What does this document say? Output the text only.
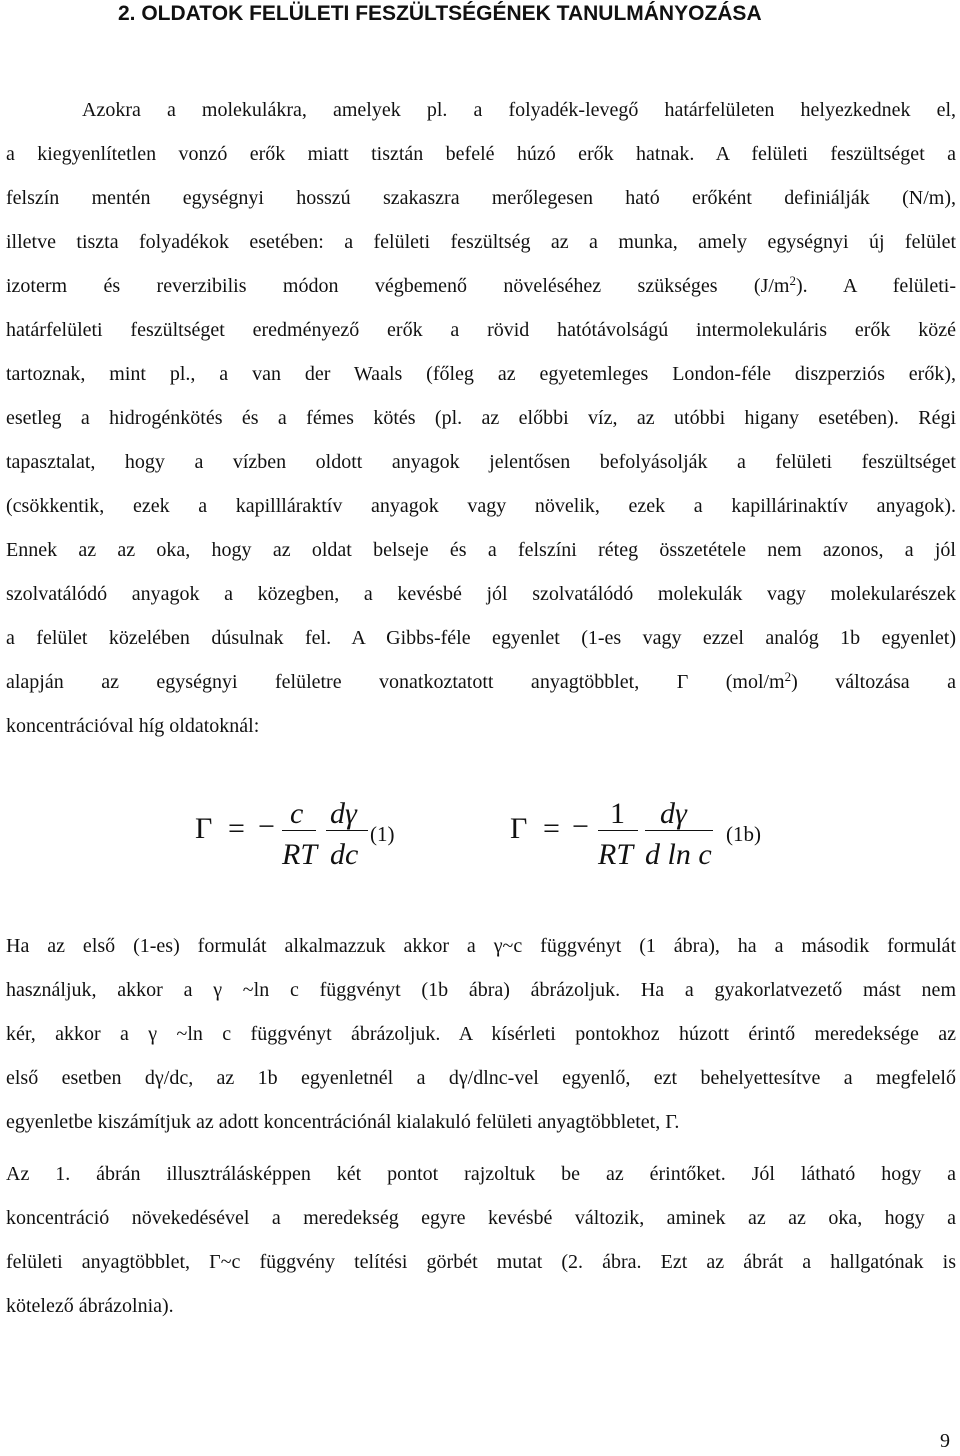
2. OLDATOK FELÜLETI FESZÜLTSÉGÉNEK TANULMÁNYOZÁSA
Azokra a molekulákra, amelyek pl. a folyadék-levegő határfelületen helyezkednek el,
a kiegyenlítetlen vonzó erők miatt tisztán befelé húzó erők hatnak. A felületi feszültséget a
felszín mentén egységnyi hosszú szakaszra merőlegesen ható erőként definiálják (N/m),
illetve tiszta folyadékok esetében: a felületi feszültség az a munka, amely egységnyi új felület
izoterm és reverzibilis módon végbemenő növeléséhez szükséges $(J/m^2)$. A felületi-
határfelületi feszültséget eredményező erők a rövid hatótávolságú intermolekuláris erők közé
tartoznak, mint pl., a van der Waals (főleg az egyetemleges London-féle diszperziós erők),
esetleg a hidrogénkötés és a fémes kötés (pl. az előbbi víz, az utóbbi higany esetében). Régi
tapasztalat, hogy a vízben oldott anyagok jelentősen befolyásolják a felületi feszültséget
(csökkentik, ezek a kapillláraktív anyagok vagy növelik, ezek a kapillárinaktív anyagok).
Ennek az az oka, hogy az oldat belseje és a felszíni réteg összetétele nem azonos, a jól
szolvatálódó anyagok a közegben, a kevésbé jól szolvatálódó molekulák vagy molekularészek
a felület közelében dúsulnak fel. A Gibbs-féle egyenlet (1-es vagy ezzel analóg 1b egyenlet)
alapján az egységnyi felületre vonatkoztatott anyagtöbblet, Γ $(mol/m^2)$ változása a
koncentrációval híg oldatoknál:
Γ = − c dγ
RT dc
(1)	Γ = − 1 dγ
RT d ln c
(1b)
Ha az első (1-es) formulát alkalmazzuk akkor a γ~c függvényt (1 ábra), ha a második formulát
használjuk, akkor a γ ~ln c függvényt (1b ábra) ábrázoljuk. Ha a gyakorlatvezető mást nem
kér, akkor a γ ~ln c függvényt ábrázoljuk. A kísérleti pontokhoz húzott érintő meredeksége az
első esetben dγ/dc, az 1b egyenletnél a dγ/dlnc-vel egyenlő, ezt behelyettesítve a megfelelő
egyenletbe kiszámítjuk az adott koncentrációnál kialakuló felületi anyagtöbbletet, Γ.
Az 1. ábrán illusztrálásképpen két pontot rajzoltuk be az érintőket. Jól látható hogy a
koncentráció növekedésével a meredekség egyre kevésbé változik, aminek az az oka, hogy a
felületi anyagtöbblet, Γ~c függvény telítési görbét mutat (2. ábra. Ezt az ábrát a hallgatónak is
kötelező ábrázolnia).
9
